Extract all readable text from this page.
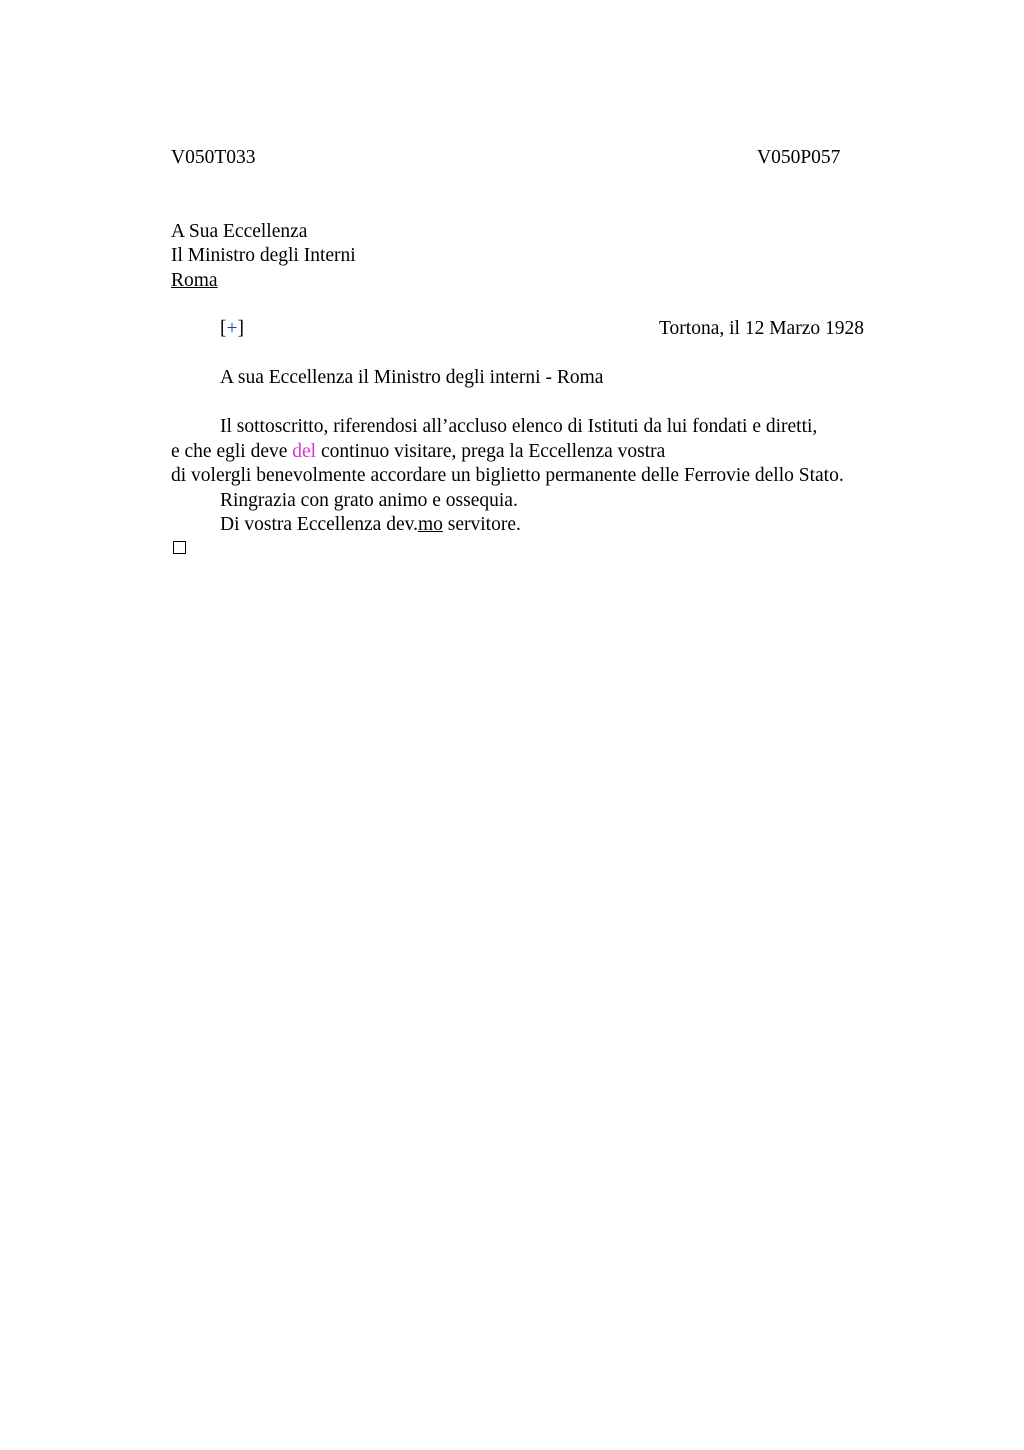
V050T033	V050P057
A Sua Eccellenza
Il Ministro degli Interni
Roma
[+]	Tortona, il 12 Marzo 1928
A sua Eccellenza il Ministro degli interni - Roma
Il sottoscritto, riferendosi all’accluso elenco di Istituti da lui fondati e diretti,
e che egli deve del continuo visitare, prega la Eccellenza vostra
di volergli benevolmente accordare un biglietto permanente delle Ferrovie dello Stato.
Ringrazia con grato animo e ossequia.
Di vostra Eccellenza dev.mo servitore.
